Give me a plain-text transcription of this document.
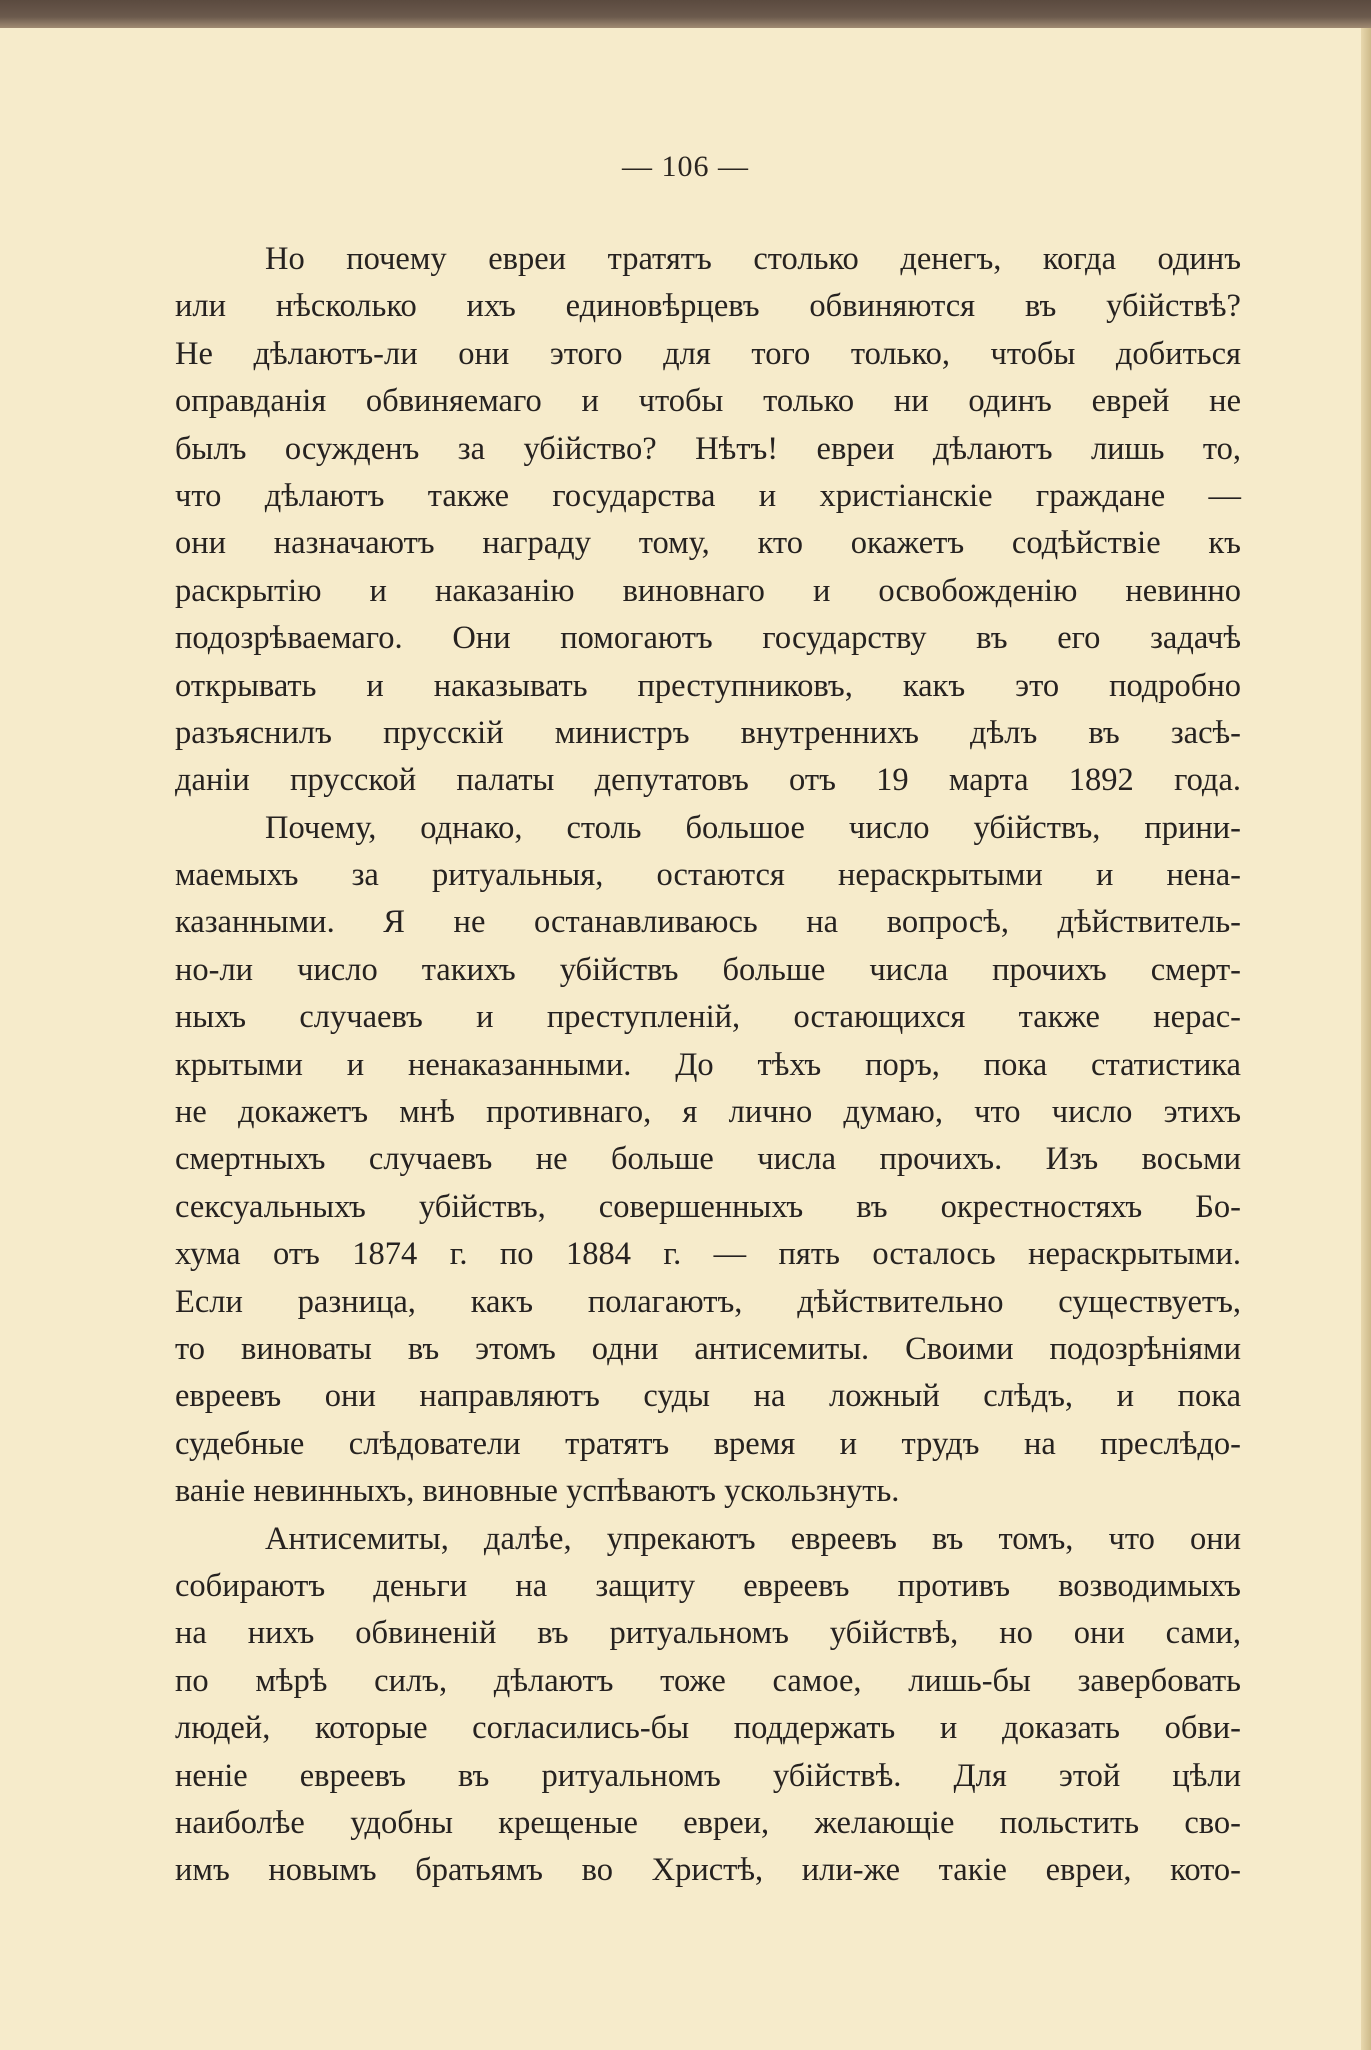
— 106 —
Но почему евреи тратятъ столько денегъ, когда одинъ
или нѣсколько ихъ единовѣрцевъ обвиняются въ убійствѣ?
Не дѣлаютъ-ли они этого для того только, чтобы добиться
оправданія обвиняемаго и чтобы только ни одинъ еврей не
былъ осужденъ за убійство? Нѣтъ! евреи дѣлаютъ лишь то,
что дѣлаютъ также государства и христіанскіе граждане —
они назначаютъ награду тому, кто окажетъ содѣйствіе къ
раскрытію и наказанію виновнаго и освобожденію невинно
подозрѣваемаго. Они помогаютъ государству въ его задачѣ
открывать и наказывать преступниковъ, какъ это подробно
разъяснилъ прусскій министръ внутреннихъ дѣлъ въ засѣ-
даніи прусской палаты депутатовъ отъ 19 марта 1892 года.
Почему, однако, столь большое число убійствъ, прини-
маемыхъ за ритуальныя, остаются нераскрытыми и нена-
казанными. Я не останавливаюсь на вопросѣ, дѣйствитель-
но-ли число такихъ убійствъ больше числа прочихъ смерт-
ныхъ случаевъ и преступленій, остающихся также нерас-
крытыми и ненаказанными. До тѣхъ поръ, пока статистика
не докажетъ мнѣ противнаго, я лично думаю, что число этихъ
смертныхъ случаевъ не больше числа прочихъ. Изъ восьми
сексуальныхъ убійствъ, совершенныхъ въ окрестностяхъ Бо-
хума отъ 1874 г. по 1884 г. — пять осталось нераскрытыми.
Если разница, какъ полагаютъ, дѣйствительно существуетъ,
то виноваты въ этомъ одни антисемиты. Своими подозрѣніями
евреевъ они направляютъ суды на ложный слѣдъ, и пока
судебные слѣдователи тратятъ время и трудъ на преслѣдо-
ваніе невинныхъ, виновные успѣваютъ ускользнуть.
Антисемиты, далѣе, упрекаютъ евреевъ въ томъ, что они
собираютъ деньги на защиту евреевъ противъ возводимыхъ
на нихъ обвиненій въ ритуальномъ убійствѣ, но они сами,
по мѣрѣ силъ, дѣлаютъ тоже самое, лишь-бы завербовать
людей, которые согласились-бы поддержать и доказать обви-
неніе евреевъ въ ритуальномъ убійствѣ. Для этой цѣли
наиболѣе удобны крещеные евреи, желающіе польстить сво-
имъ новымъ братьямъ во Христѣ, или-же такіе евреи, кото-
